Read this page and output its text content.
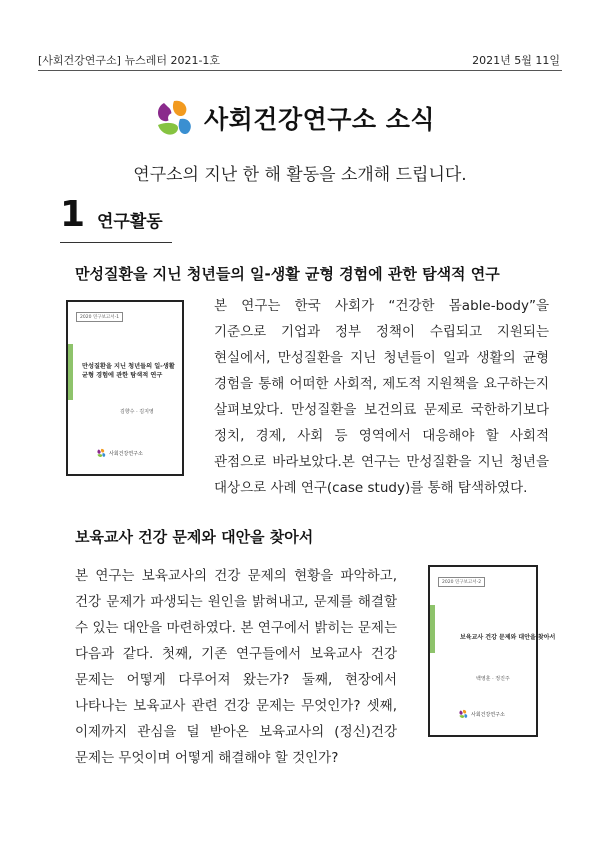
[사회건강연구소] 뉴스레터 2021-1호	2021년 5월 11일
사회건강연구소 소식
연구소의 지난 한 해 활동을 소개해 드립니다.
1 연구활동
만성질환을 지닌 청년들의 일-생활 균형 경험에 관한 탐색적 연구
2020 연구보고서-1
만성질환을 지닌 청년들의 일-생활 균형 경험에 관한 탐색적 연구
김향수 · 김지영
사회건강연구소
본 연구는 한국 사회가 “건강한 몸able-body”을 기준으로 기업과 정부 정책이 수립되고 지원되는 현실에서, 만성질환을 지닌 청년들이 일과 생활의 균형 경험을 통해 어떠한 사회적, 제도적 지원책을 요구하는지 살펴보았다. 만성질환을 보건의료 문제로 국한하기보다 정치, 경제, 사회 등 영역에서 대응해야 할 사회적 관점으로 바라보았다.본 연구는 만성질환을 지닌 청년을 대상으로 사례 연구(case study)를 통해 탐색하였다.
보육교사 건강 문제와 대안을 찾아서
본 연구는 보육교사의 건강 문제의 현황을 파악하고, 건강 문제가 파생되는 원인을 밝혀내고, 문제를 해결할 수 있는 대안을 마련하였다. 본 연구에서 밝히는 문제는 다음과 같다. 첫째, 기존 연구들에서 보육교사 건강 문제는 어떻게 다루어져 왔는가? 둘째, 현장에서 나타나는 보육교사 관련 건강 문제는 무엇인가? 셋째, 이제까지 관심을 덜 받아온 보육교사의 (정신)건강 문제는 무엇이며 어떻게 해결해야 할 것인가?
2020 연구보고서-2
보육교사 건강 문제와 대안을 찾아서
백영훈 · 정진주
사회건강연구소
